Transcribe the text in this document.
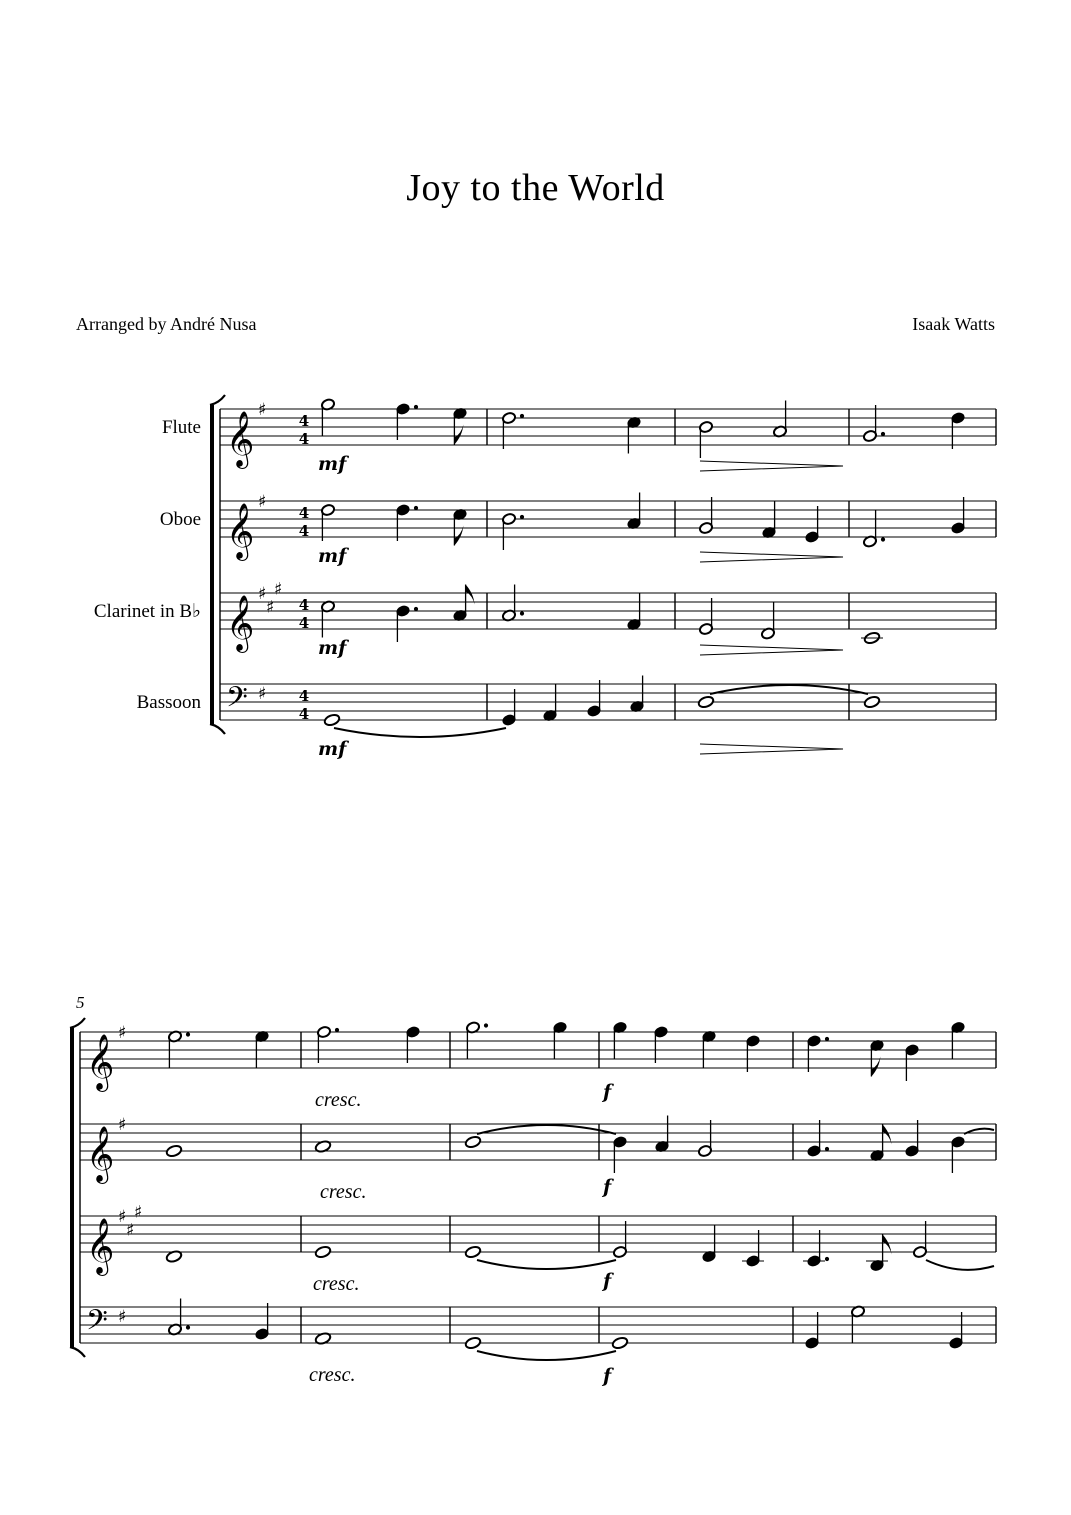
Joy to the World
Arranged by André Nusa	Isaak Watts
Flute
Oboe
Clarinet in B♭
Bassoon
𝄞
♯
4
4
𝄞
♯
4
4
𝄞
♯
♯
♯
4
4
𝄢 ♯ 4
4
𝄞
♯
𝄞
♯
𝄞
♯
♯
♯
𝄢 ♯
5
mf
mf
mf
mf
cresc.
cresc.
cresc.
cresc.
f
f
f
f
